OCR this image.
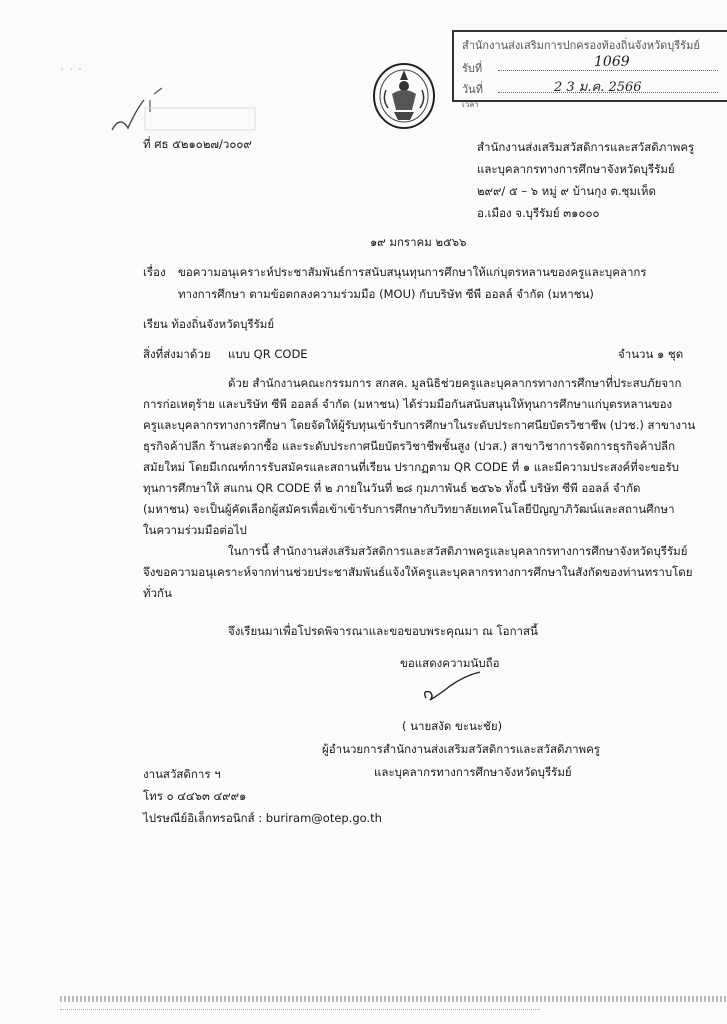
สำนักงานส่งเสริมการปกครองท้องถิ่นจังหวัดบุรีรัมย์
รับที่	1069
วันที่	2 3 ม.ค. 2566
เวลา
· · ·
ที่ ศธ ๕๒๑๐๒๗/ว๐๐๙	สำนักงานส่งเสริมสวัสดิการและสวัสดิภาพครู
และบุคลากรทางการศึกษาจังหวัดบุรีรัมย์
๒๙๙/ ๕ – ๖ หมู่ ๙ บ้านกุง ต.ชุมเห็ด
อ.เมือง จ.บุรีรัมย์ ๓๑๐๐๐
๑๙ มกราคม ๒๕๖๖
เรื่อง ขอความอนุเคราะห์ประชาสัมพันธ์การสนับสนุนทุนการศึกษาให้แก่บุตรหลานของครูและบุคลากร
ทางการศึกษา ตามข้อตกลงความร่วมมือ (MOU) กับบริษัท ซีพี ออลล์ จำกัด (มหาชน)
เรียน ท้องถิ่นจังหวัดบุรีรัมย์
สิ่งที่ส่งมาด้วย แบบ QR CODE	จำนวน ๑ ชุด
ด้วย สำนักงานคณะกรรมการ สกสค. มูลนิธิช่วยครูและบุคลากรทางการศึกษาที่ประสบภัยจาก
การก่อเหตุร้าย และบริษัท ซีพี ออลล์ จำกัด (มหาชน) ได้ร่วมมือกันสนับสนุนให้ทุนการศึกษาแก่บุตรหลานของ
ครูและบุคลากรทางการศึกษา โดยจัดให้ผู้รับทุนเข้ารับการศึกษาในระดับประกาศนียบัตรวิชาชีพ (ปวช.) สาขางาน
ธุรกิจค้าปลีก ร้านสะดวกซื้อ และระดับประกาศนียบัตรวิชาชีพชั้นสูง (ปวส.) สาขาวิชาการจัดการธุรกิจค้าปลีก
สมัยใหม่ โดยมีเกณฑ์การรับสมัครและสถานที่เรียน ปรากฏตาม QR CODE ที่ ๑ และมีความประสงค์ที่จะขอรับ
ทุนการศึกษาให้ สแกน QR CODE ที่ ๒ ภายในวันที่ ๒๘ กุมภาพันธ์ ๒๕๖๖ ทั้งนี้ บริษัท ซีพี ออลล์ จำกัด
(มหาชน) จะเป็นผู้คัดเลือกผู้สมัครเพื่อเข้าเข้ารับการศึกษากับวิทยาลัยเทคโนโลยีปัญญาภิวัฒน์และสถานศึกษา
ในความร่วมมือต่อไป
ในการนี้ สำนักงานส่งเสริมสวัสดิการและสวัสดิภาพครูและบุคลากรทางการศึกษาจังหวัดบุรีรัมย์
จึงขอความอนุเคราะห์จากท่านช่วยประชาสัมพันธ์แจ้งให้ครูและบุคลากรทางการศึกษาในสังกัดของท่านทราบโดย
ทั่วกัน
จึงเรียนมาเพื่อโปรดพิจารณาและขอขอบพระคุณมา ณ โอกาสนี้
ขอแสดงความนับถือ
( นายสงัด ขะนะชัย)
ผู้อำนวยการสำนักงานส่งเสริมสวัสดิการและสวัสดิภาพครู
และบุคลากรทางการศึกษาจังหวัดบุรีรัมย์
งานสวัสดิการ ฯ
โทร ๐ ๔๔๖๓ ๔๙๙๑
ไปรษณีย์อิเล็กทรอนิกส์ : buriram@otep.go.th
